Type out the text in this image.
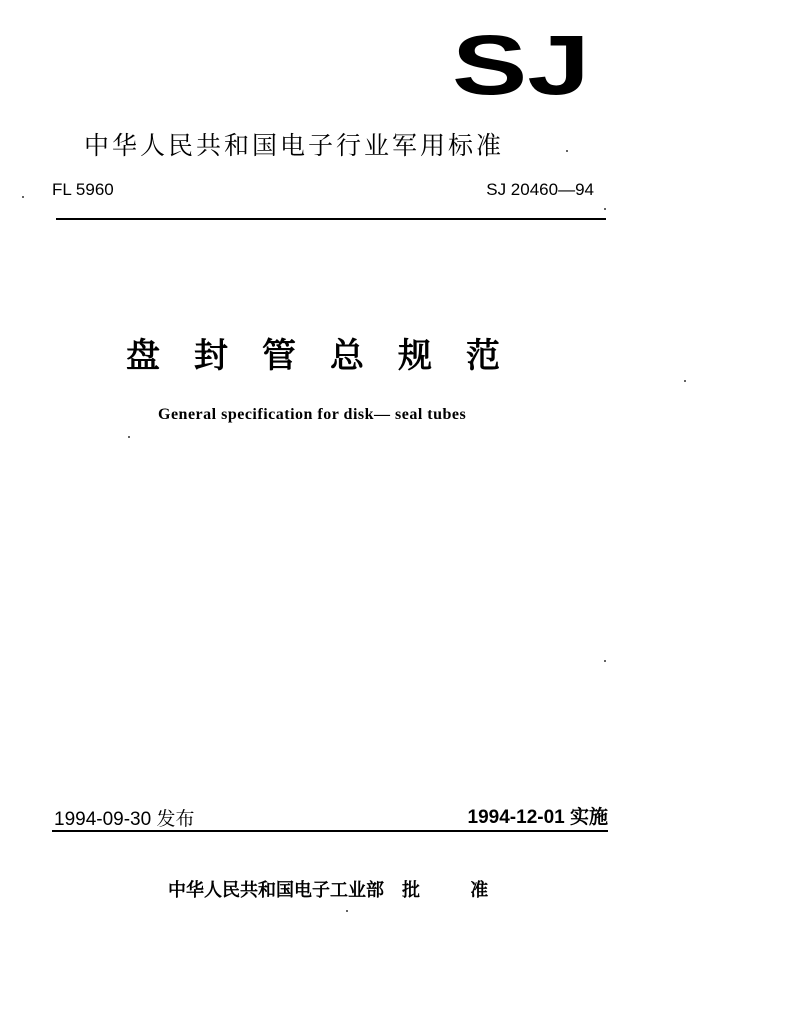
SJ
中华人民共和国电子行业军用标准
FL 5960	SJ 20460—94
盘封管总规范
General specification for disk— seal tubes
1994-09-30 发布	1994-12-01 实施
中华人民共和国电子工业部 批 准
